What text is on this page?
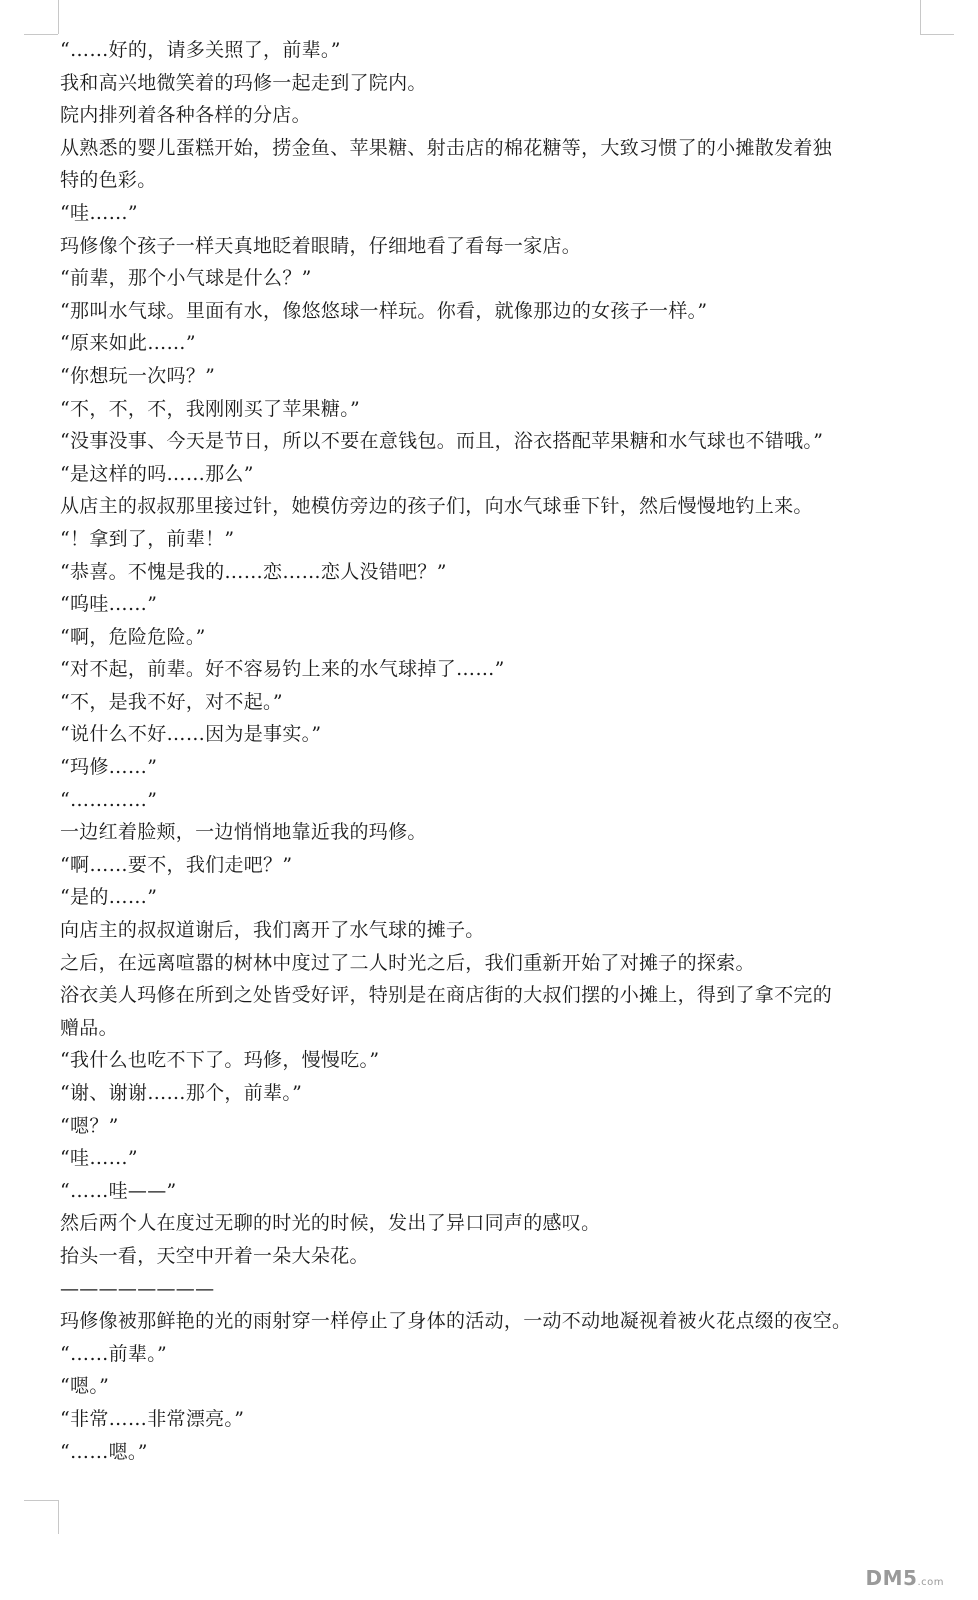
“……好的，请多关照了，前辈。”
我和高兴地微笑着的玛修一起走到了院内。
院内排列着各种各样的分店。
从熟悉的婴儿蛋糕开始，捞金鱼、苹果糖、射击店的棉花糖等，大致习惯了的小摊散发着独
特的色彩。
“哇……”
玛修像个孩子一样天真地眨着眼睛，仔细地看了看每一家店。
“前辈，那个小气球是什么？”
“那叫水气球。里面有水，像悠悠球一样玩。你看，就像那边的女孩子一样。”
“原来如此……”
“你想玩一次吗？”
“不，不，不，我刚刚买了苹果糖。”
“没事没事、今天是节日，所以不要在意钱包。而且，浴衣搭配苹果糖和水气球也不错哦。”
“是这样的吗……那么”
从店主的叔叔那里接过针，她模仿旁边的孩子们，向水气球垂下针，然后慢慢地钓上来。
“！拿到了，前辈！”
“恭喜。不愧是我的……恋……恋人没错吧？”
“呜哇……”
“啊，危险危险。”
“对不起，前辈。好不容易钓上来的水气球掉了……”
“不，是我不好，对不起。”
“说什么不好……因为是事实。”
“玛修……”
“…………”
一边红着脸颊，一边悄悄地靠近我的玛修。
“啊……要不，我们走吧？”
“是的……”
向店主的叔叔道谢后，我们离开了水气球的摊子。
之后，在远离喧嚣的树林中度过了二人时光之后，我们重新开始了对摊子的探索。
浴衣美人玛修在所到之处皆受好评，特别是在商店街的大叔们摆的小摊上，得到了拿不完的
赠品。
“我什么也吃不下了。玛修，慢慢吃。”
“谢、谢谢……那个，前辈。”
“嗯？”
“哇……”
“……哇——”
然后两个人在度过无聊的时光的时候，发出了异口同声的感叹。
抬头一看，天空中开着一朵大朵花。
————————
玛修像被那鲜艳的光的雨射穿一样停止了身体的活动，一动不动地凝视着被火花点缀的夜空。
“……前辈。”
“嗯。”
“非常……非常漂亮。”
“……嗯。”
DM5.com
